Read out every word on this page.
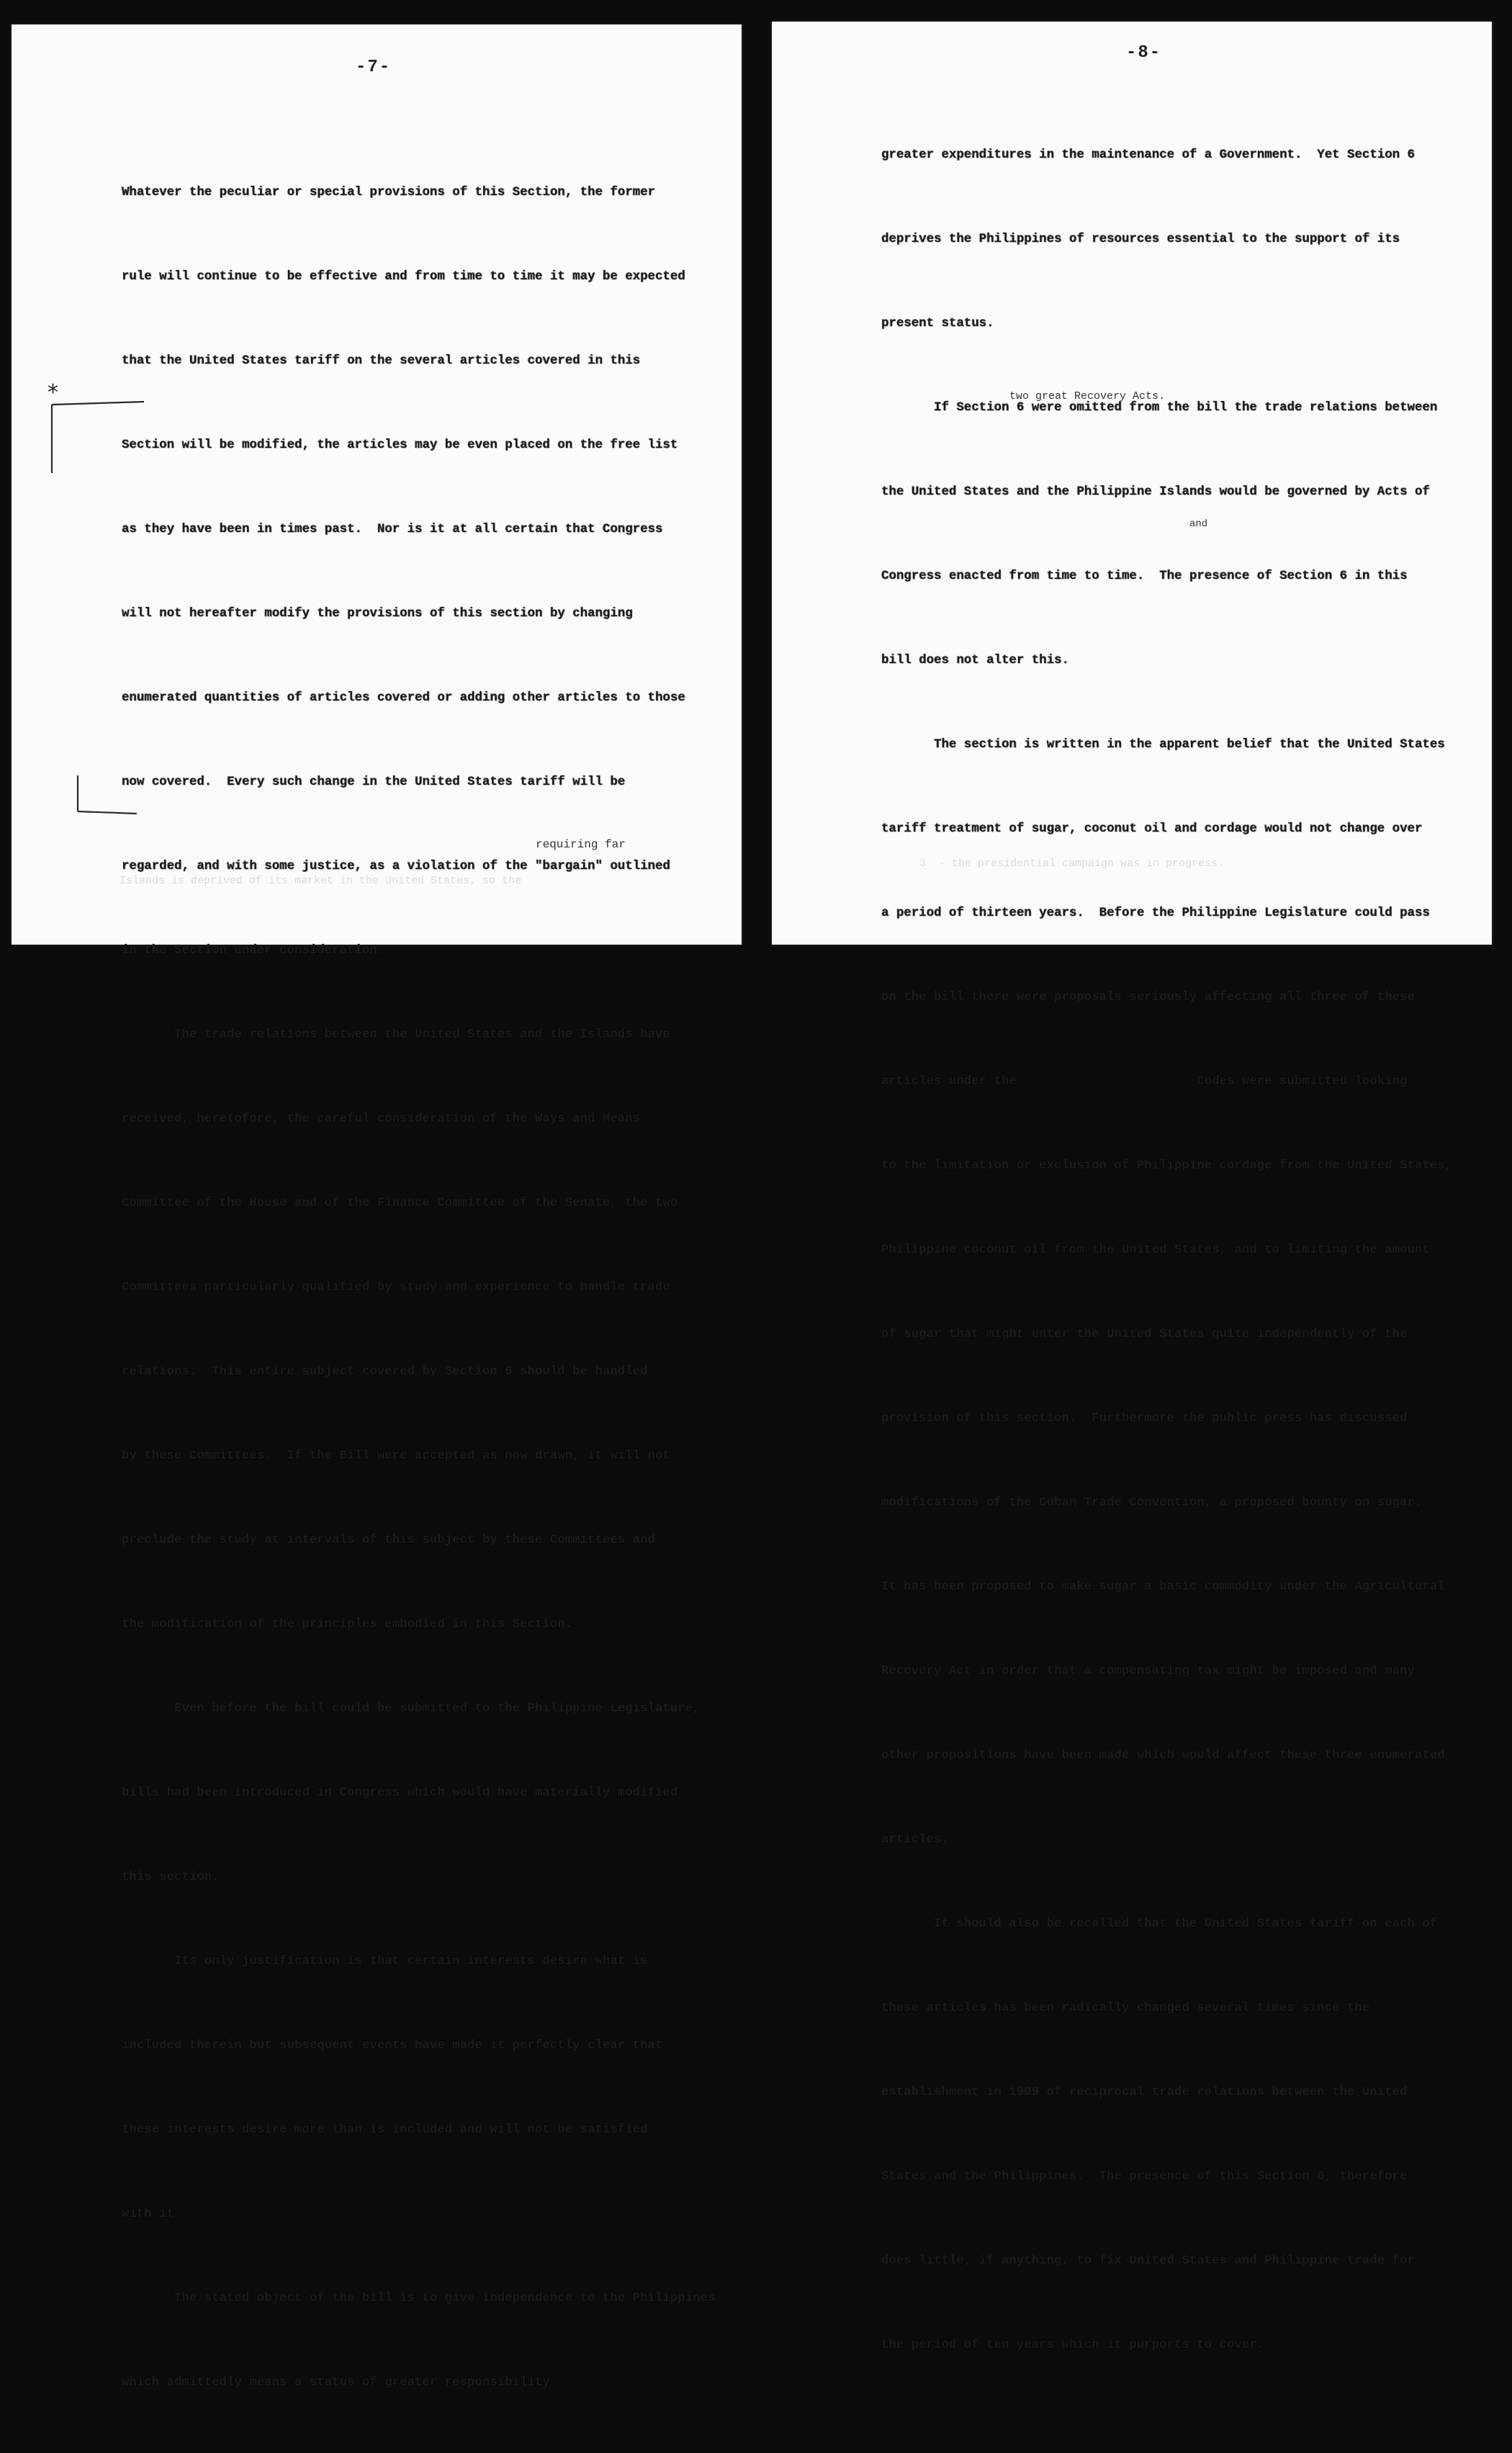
-7-
Islands is deprived of its market in the United States, so the

Whatever the peculiar or special provisions of this Section, the former

rule will continue to be effective and from time to time it may be expected

that the United States tariff on the several articles covered in this

Section will be modified, the articles may be even placed on the free list

as they have been in times past.  Nor is it at all certain that Congress

will not hereafter modify the provisions of this section by changing

enumerated quantities of articles covered or adding other articles to those

now covered.  Every such change in the United States tariff will be

regarded, and with some justice, as a violation of the "bargain" outlined

in the Section under consideration.

The trade relations between the United States and the Islands have

received, heretofore, the careful consideration of the Ways and Means

Committee of the House and of the Finance Committee of the Senate, the two

Committees particularly qualified by study and experience to handle trade

relations.  This entire subject covered by Section 6 should be handled

by these Committees.  If the Bill were accepted as now drawn, it will not

preclude the study at intervals of this subject by these Committees and

the modification of the principles embodied in this Section.

Even before the bill could be submitted to the Philippine Legislature,

bills had been introduced in Congress which would have materially modified

this section.

Its only justification is that certain interests desire what is

included therein but subsequent events have made it perfectly clear that

these interests desire more than is included and will not be satisfied

with it.

The stated object of the bill is to give independence to the Philippines

which admittedly means a status of greater responsibility

requiring far
*
-8-
3  - the presidential campaign was in progress.

greater expenditures in the maintenance of a Government.  Yet Section 6

deprives the Philippines of resources essential to the support of its

present status.

If Section 6 were omitted from the bill the trade relations between

the United States and the Philippine Islands would be governed by Acts of

Congress enacted from time to time.  The presence of Section 6 in this

bill does not alter this.

The section is written in the apparent belief that the United States

tariff treatment of sugar, coconut oil and cordage would not change over

a period of thirteen years.  Before the Philippine Legislature could pass

on the bill there were proposals seriously affecting all three of these

articles under the                        Codes were submitted looking

to the limitation or exclusion of Philippine cordage from the United States,

Philippine coconut oil from the United States, and to limiting the amount

of sugar that might enter the United States quite independently of the

provision of this section.  Furthermore the public press has discussed

modifications of the Cuban Trade Convention, a proposed bounty on sugar.

It has been proposed to make sugar a basic commodity under the Agricultural

Recovery Act in order that a compensating tax might be imposed and many

other propositions have been made which would affect these three enumerated

articles.

It should also be recalled that the United States tariff on each of

these articles has been radically changed several times since the

establishment in 1909 of reciprocal trade relations between the United

States and the Philippines.  The presence of this Section 6, therefore

does little, if anything, to fix United States and Philippine trade for

the period of ten years which it purports to cover.

two great Recovery Acts.
and
